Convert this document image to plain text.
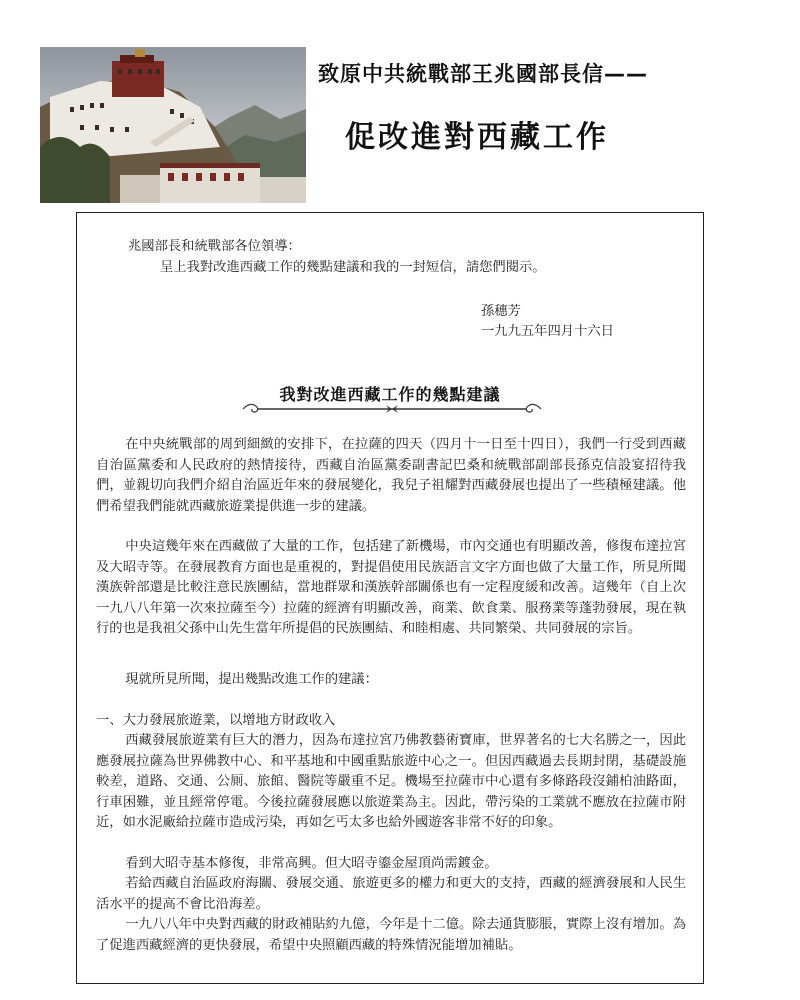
致原中共統戰部王兆國部長信——
促改進對西藏工作
兆國部長和統戰部各位領導：
呈上我對改進西藏工作的幾點建議和我的一封短信，請您們閱示。
孫穗芳
一九九五年四月十六日
我對改進西藏工作的幾點建議
在中央統戰部的周到細緻的安排下，在拉薩的四天（四月十一日至十四日），我們一行受到西藏自治區黨委和人民政府的熱情接待，西藏自治區黨委副書記巴桑和統戰部副部長孫克信設宴招待我們，並親切向我們介紹自治區近年來的發展變化，我兒子祖耀對西藏發展也提出了一些積極建議。他們希望我們能就西藏旅遊業提供進一步的建議。
中央這幾年來在西藏做了大量的工作，包括建了新機場，市內交通也有明顯改善，修復布達拉宮及大昭寺等。在發展教育方面也是重視的，對提倡使用民族語言文字方面也做了大量工作，所見所聞漢族幹部還是比較注意民族團結，當地群眾和漢族幹部關係也有一定程度緩和改善。這幾年（自上次一九八八年第一次來拉薩至今）拉薩的經濟有明顯改善，商業、飲食業、服務業等蓬勃發展，現在執行的也是我祖父孫中山先生當年所提倡的民族團結、和睦相處、共同繁榮、共同發展的宗旨。
現就所見所聞，提出幾點改進工作的建議：
一、大力發展旅遊業，以增地方財政收入
西藏發展旅遊業有巨大的潛力，因為布達拉宮乃佛教藝術寶庫，世界著名的七大名勝之一，因此應發展拉薩為世界佛教中心、和平基地和中國重點旅遊中心之一。但因西藏過去長期封閉，基礎設施較差，道路、交通、公厠、旅館、醫院等嚴重不足。機場至拉薩市中心還有多條路段沒鋪柏油路面，行車困難，並且經常停電。今後拉薩發展應以旅遊業為主。因此，帶污染的工業就不應放在拉薩市附近，如水泥廠給拉薩市造成污染，再如乞丐太多也給外國遊客非常不好的印象。
看到大昭寺基本修復，非常高興。但大昭寺鎏金屋頂尚需鍍金。
若給西藏自治區政府海關、發展交通、旅遊更多的權力和更大的支持，西藏的經濟發展和人民生活水平的提高不會比沿海差。
一九八八年中央對西藏的財政補貼約九億，今年是十二億。除去通貨膨脹，實際上沒有增加。為了促進西藏經濟的更快發展，希望中央照顧西藏的特殊情況能增加補貼。
